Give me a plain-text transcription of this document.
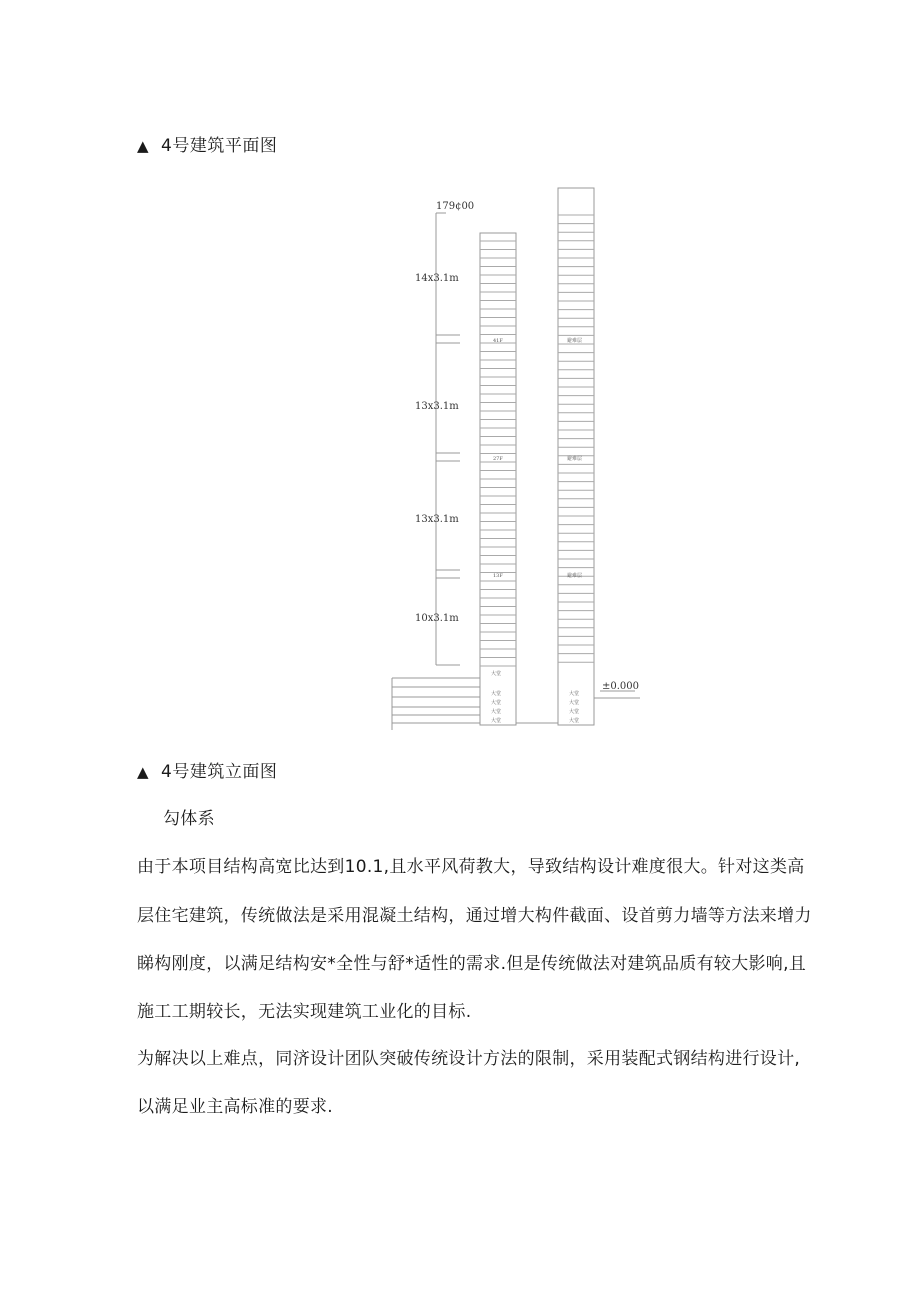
▲ 4号建筑平面图
179¢00
14x3.1m
13x3.1m
13x3.1m
10x3.1m
±0.000
41F
27F
13F
避难层
避难层
避难层
大堂
大堂
大堂
大堂
大堂
大堂
大堂
大堂
大堂
▲ 4号建筑立面图
勾体系
由于本项目结构高宽比达到10.1,且水平风荷教大，导致结构设计难度很大。针对这类高
层住宅建筑，传统做法是采用混凝土结构，通过增大构件截面、设首剪力墙等方法来增力
睇构刚度，以满足结构安*全性与舒*适性的需求.但是传统做法对建筑品质有较大影响,且
施工工期较长，无法实现建筑工业化的目标.
为解决以上难点，同济设计团队突破传统设计方法的限制，采用装配式钢结构进行设计,
以满足业主高标准的要求.
